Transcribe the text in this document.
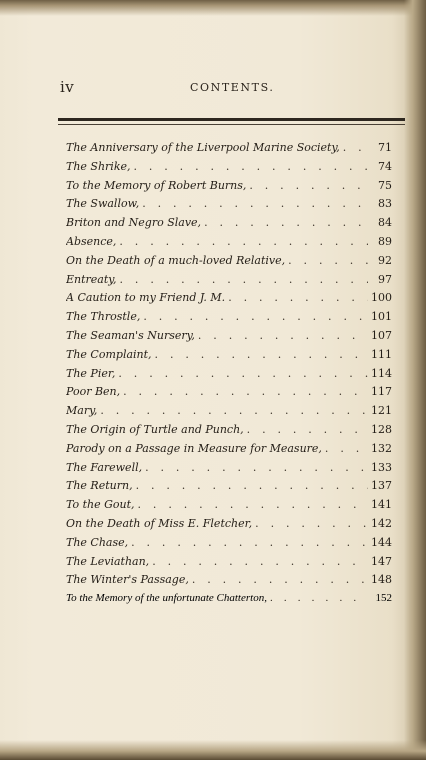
iv	CONTENTS.
The Anniversary of the Liverpool Marine Society, . . .	71
The Shrike, . . .	74
To the Memory of Robert Burns, . . .	75
The Swallow, . . .	83
Briton and Negro Slave, . . .	84
Absence, . . .	89
On the Death of a much-loved Relative, . . .	92
Entreaty, . . .	97
A Caution to my Friend J. M. . . .	100
The Throstle, . . .	101
The Seaman's Nursery, . . .	107
The Complaint, . . .	111
The Pier, . . .	114
Poor Ben, . . .	117
Mary, . . .	121
The Origin of Turtle and Punch, . . .	128
Parody on a Passage in Measure for Measure, . . .	132
The Farewell, . . .	133
The Return, . . .	137
To the Gout, . . .	141
On the Death of Miss E. Fletcher, . . .	142
The Chase, . . .	144
The Leviathan, . . .	147
The Winter's Passage, . . .	148
To the Memory of the unfortunate Chatterton, . . .	152
